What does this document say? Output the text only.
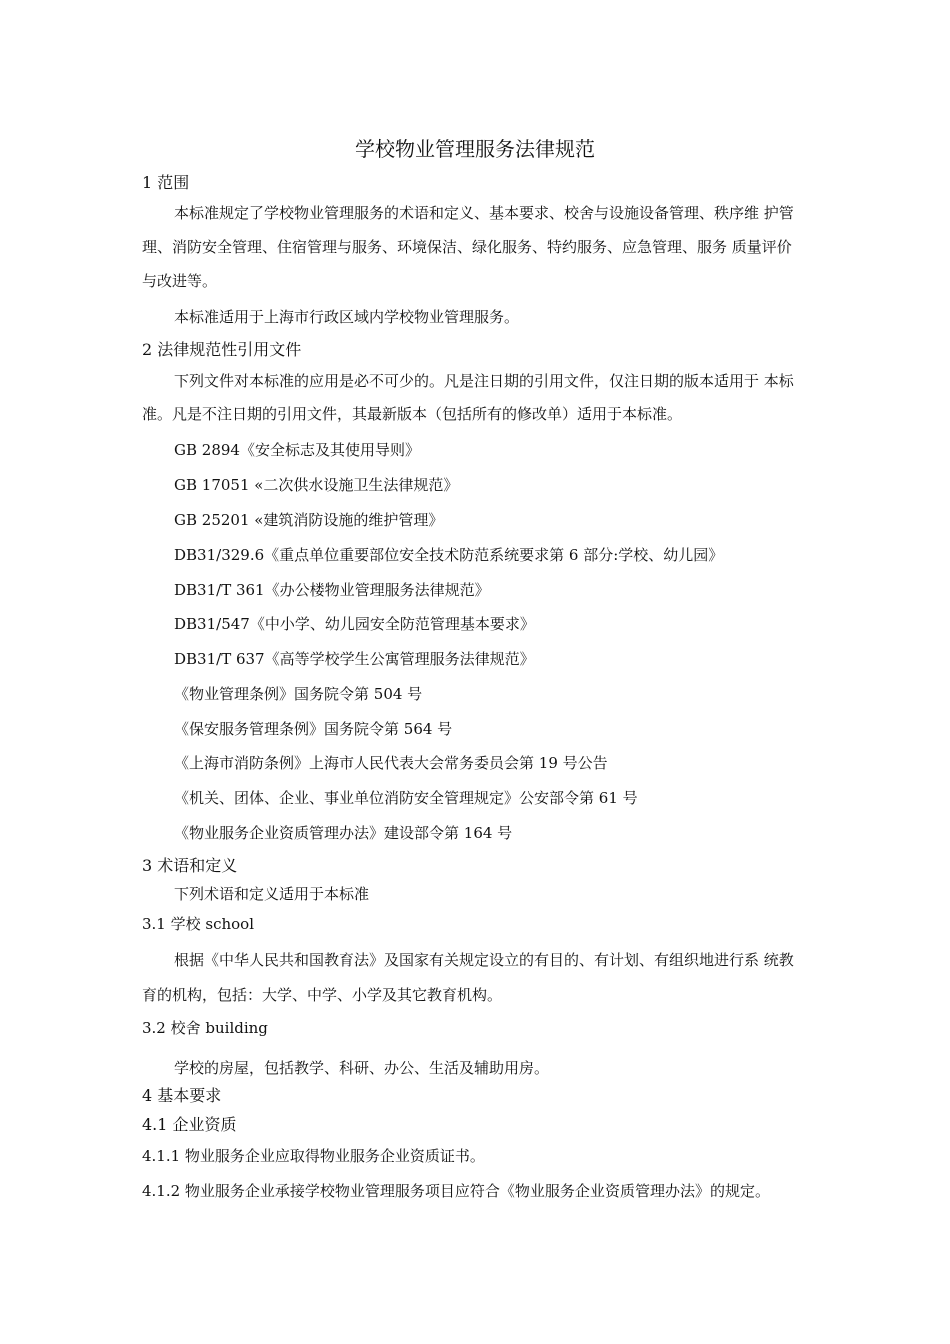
学校物业管理服务法律规范
1 范围
本标准规定了学校物业管理服务的术语和定义、基本要求、校舍与设施设备管理、秩序维 护管
理、消防安全管理、住宿管理与服务、环境保洁、绿化服务、特约服务、应急管理、服务 质量评价
与改进等。
本标准适用于上海市行政区域内学校物业管理服务。
2 法律规范性引用文件
下列文件对本标准的应用是必不可少的。凡是注日期的引用文件，仅注日期的版本适用于 本标
准。凡是不注日期的引用文件，其最新版本（包括所有的修改单）适用于本标准。
GB 2894《安全标志及其使用导则》
GB 17051 «二次供水设施卫生法律规范》
GB 25201 «建筑消防设施的维护管理》
DB31/329.6《重点单位重要部位安全技术防范系统要求第 6 部分:学校、幼儿园》
DB31/T 361《办公楼物业管理服务法律规范》
DB31/547《中小学、幼儿园安全防范管理基本要求》
DB31/T 637《高等学校学生公寓管理服务法律规范》
《物业管理条例》国务院令第 504 号
《保安服务管理条例》国务院令第 564 号
《上海市消防条例》上海市人民代表大会常务委员会第 19 号公告
《机关、团体、企业、事业单位消防安全管理规定》公安部令第 61 号
《物业服务企业资质管理办法》建设部令第 164 号
3 术语和定义
下列术语和定义适用于本标准
3.1 学校 school
根据《中华人民共和国教育法》及国家有关规定设立的有目的、有计划、有组织地进行系 统教
育的机构，包括：大学、中学、小学及其它教育机构。
3.2 校舍 building
学校的房屋，包括教学、科研、办公、生活及辅助用房。
4 基本要求
4.1 企业资质
4.1.1 物业服务企业应取得物业服务企业资质证书。
4.1.2 物业服务企业承接学校物业管理服务项目应符合《物业服务企业资质管理办法》的规定。
